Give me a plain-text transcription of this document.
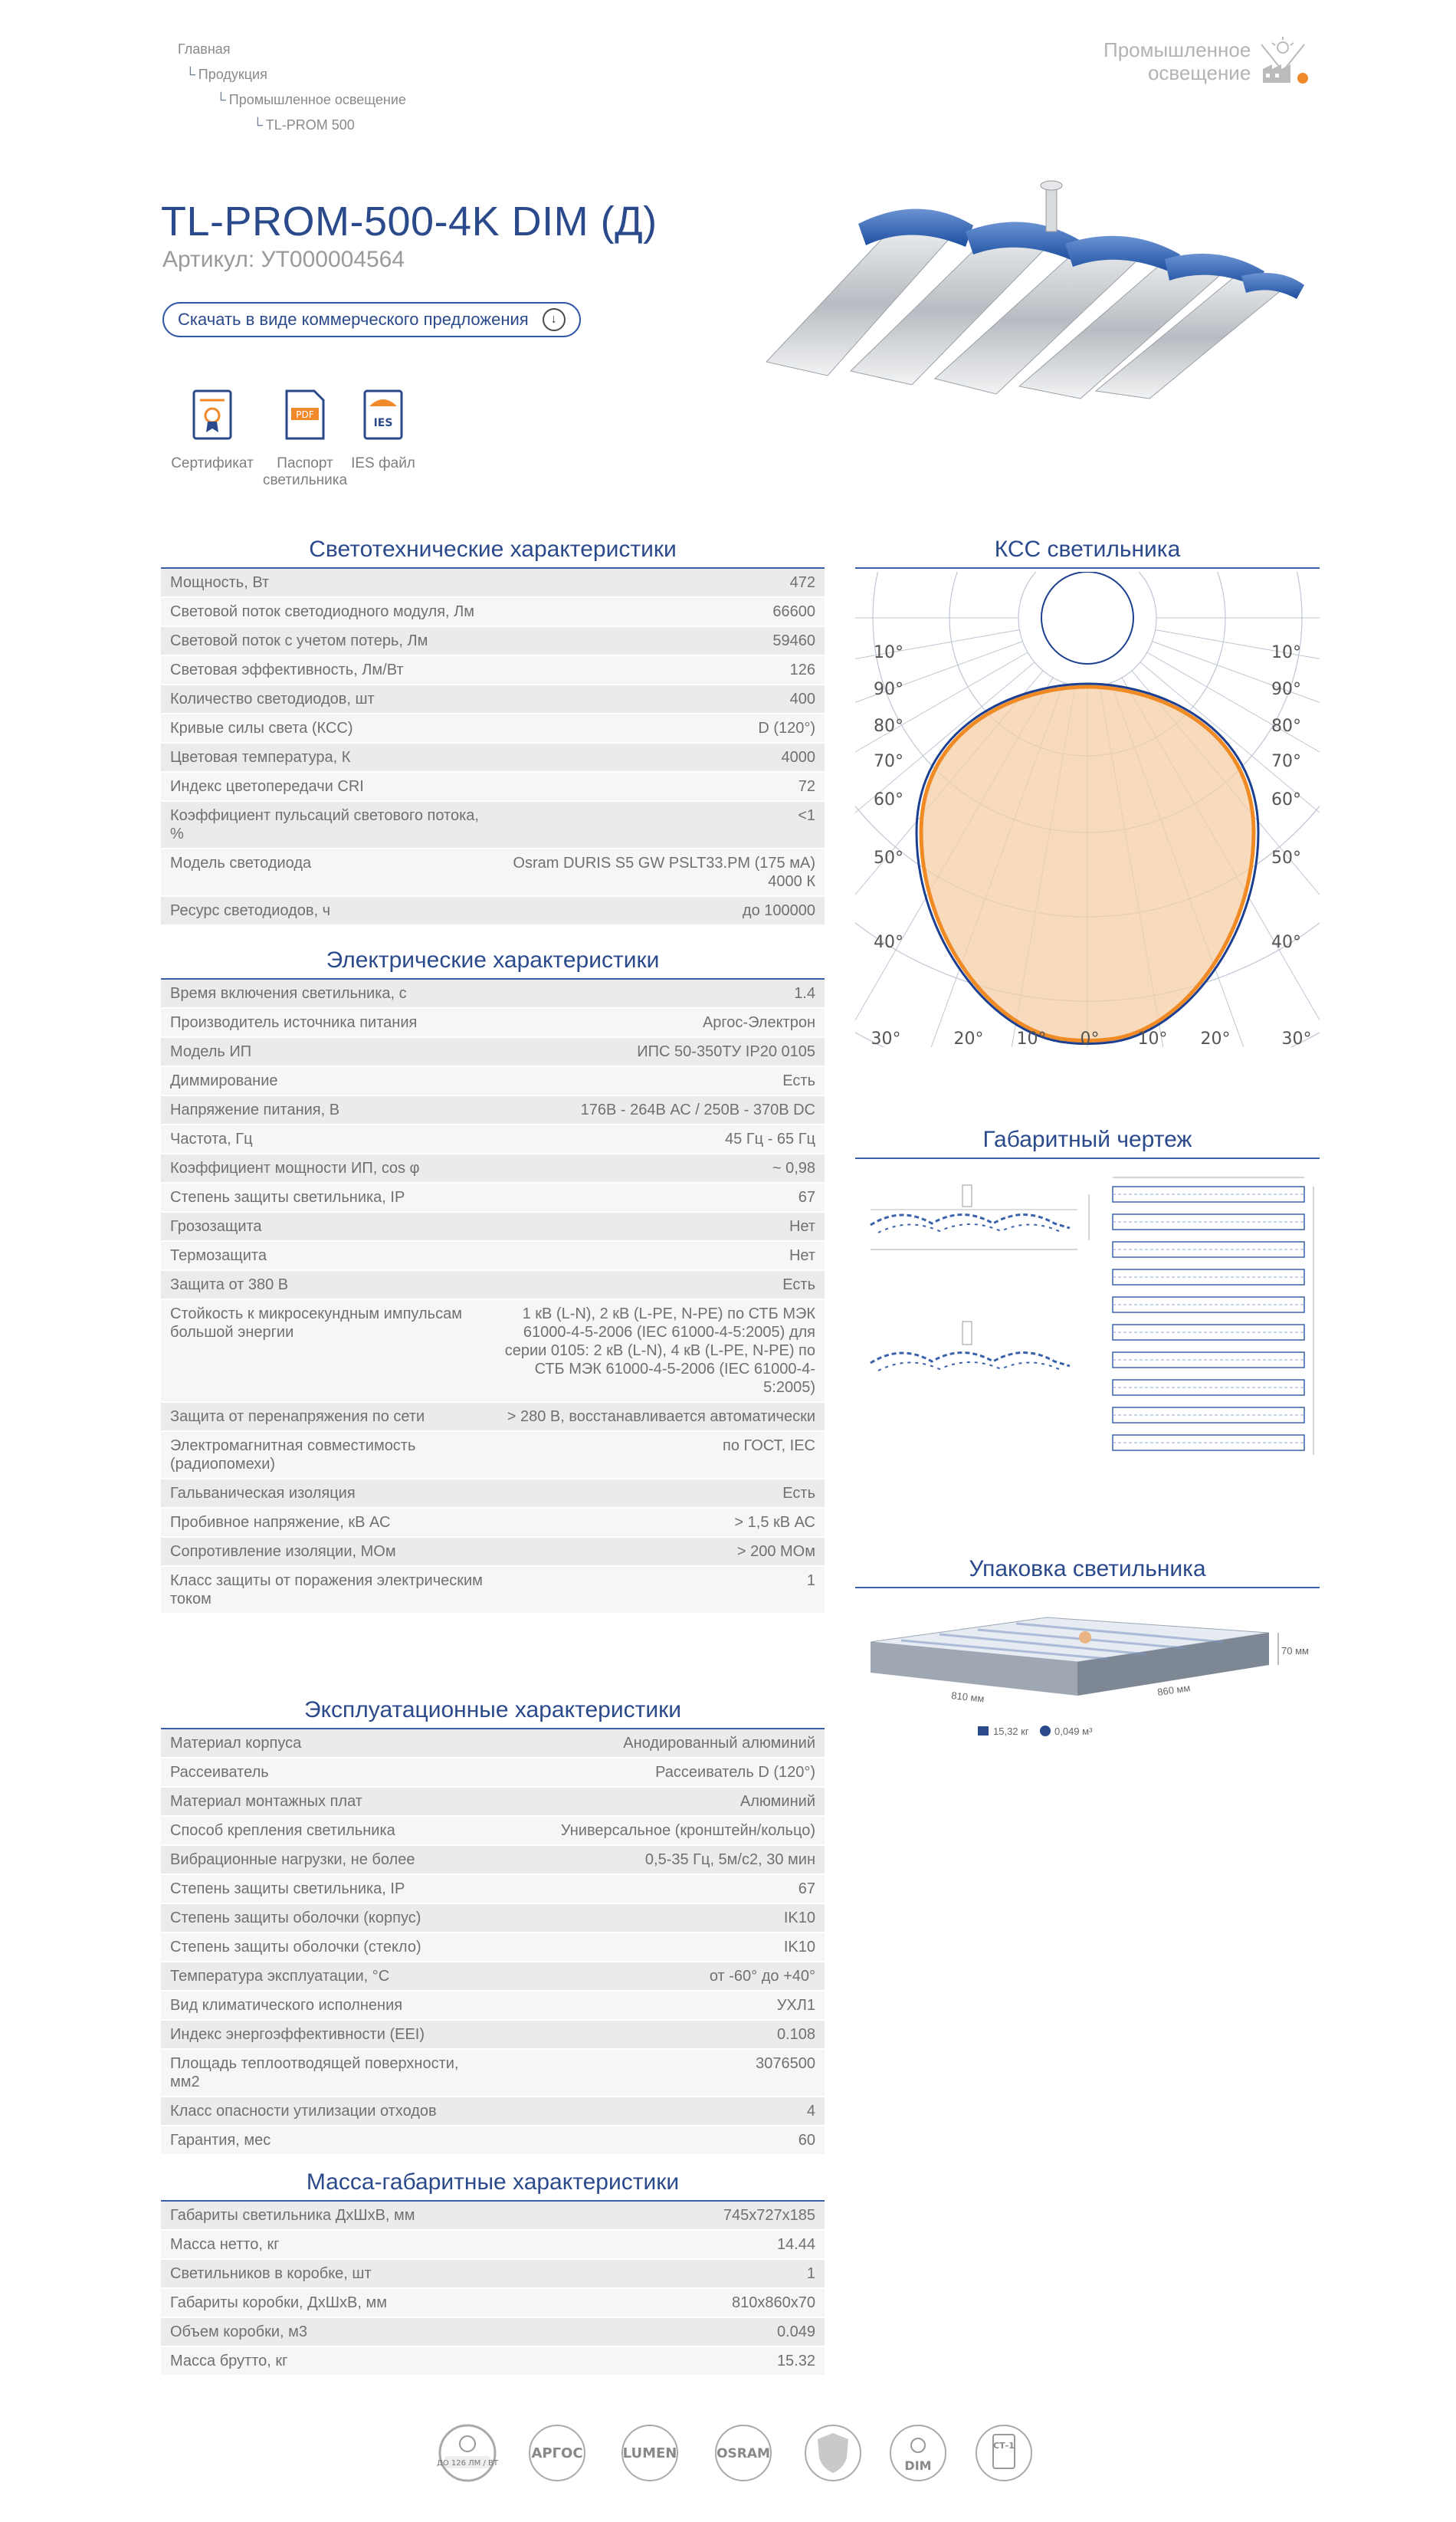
Главная
└ Продукция
└ Промышленное освещение
└ TL-PROM 500
Промышленное
освещение
TL-PROM-500-4K DIM (Д)
Артикул: УТ000004564
Скачать в виде коммерческого предложения	↓
Сертификат
PDF
Паспорт светильника
IES
IES файл
Светотехнические характеристики
Мощность, Вт	472
Световой поток светодиодного модуля, Лм	66600
Световой поток с учетом потерь, Лм	59460
Световая эффективность, Лм/Вт	126
Количество светодиодов, шт	400
Кривые силы света (КСС)	D (120°)
Цветовая температура, К	4000
Индекс цветопередачи CRI	72
Коэффициент пульсаций светового потока, %	<1
Модель светодиода	Osram DURIS S5 GW PSLT33.PM (175 мА) 4000 К
Ресурс светодиодов, ч	до 100000
Электрические характеристики
Время включения светильника, с	1.4
Производитель источника питания	Аргос-Электрон
Модель ИП	ИПС 50-350ТУ IP20 0105
Диммирование	Есть
Напряжение питания, В	176В - 264В АС / 250В - 370В DC
Частота, Гц	45 Гц - 65 Гц
Коэффициент мощности ИП, cos φ	~ 0,98
Степень защиты светильника, IP	67
Грозозащита	Нет
Термозащита	Нет
Защита от 380 В	Есть
Стойкость к микросекундным импульсам большой энергии	1 кВ (L-N), 2 кВ (L-PE, N-PE) по СТБ МЭК 61000-4-5-2006 (IEC 61000-4-5:2005) для серии 0105: 2 кВ (L-N), 4 кВ (L-PE, N-PE) по СТБ МЭК 61000-4-5-2006 (IEC 61000-4-5:2005)
Защита от перенапряжения по сети	> 280 В, восстанавливается автоматически
Электромагнитная совместимость (радиопомехи)	по ГОСТ, IEC
Гальваническая изоляция	Есть
Пробивное напряжение, кВ АС	> 1,5 кВ АС
Сопротивление изоляции, МОм	> 200 МОм
Класс защиты от поражения электрическим током	1
Эксплуатационные характеристики
Материал корпуса	Анодированный алюминий
Рассеиватель	Рассеиватель D (120°)
Материал монтажных плат	Алюминий
Способ крепления светильника	Универсальное (кронштейн/кольцо)
Вибрационные нагрузки, не более	0,5-35 Гц, 5м/с2, 30 мин
Степень защиты светильника, IP	67
Степень защиты оболочки (корпус)	IK10
Степень защиты оболочки (стекло)	IK10
Температура эксплуатации, °С	от -60° до +40°
Вид климатического исполнения	УХЛ1
Индекс энергоэффективности (EEI)	0.108
Площадь теплоотводящей поверхности, мм2	3076500
Класс опасности утилизации отходов	4
Гарантия, мес	60
Масса-габаритные характеристики
Габариты светильника ДхШхВ, мм	745x727x185
Масса нетто, кг	14.44
Светильников в коробке, шт	1
Габариты коробки, ДхШхВ, мм	810x860x70
Объем коробки, м3	0.049
Масса брутто, кг	15.32
КСС светильника
10°
90°
80°
70°
60°
50°
40°
10°
90°
80°
70°
60°
50°
40°
30°	20° 10° 0° 10° 20°	30°
Габаритный чертеж
Упаковка светильника
70 мм
810 мм	860 мм
15,32 кг	0,049 м³
ДО 126 ЛМ / ВТ
АРГОС	LUMEN	OSRAM
DIM
СТ-1
